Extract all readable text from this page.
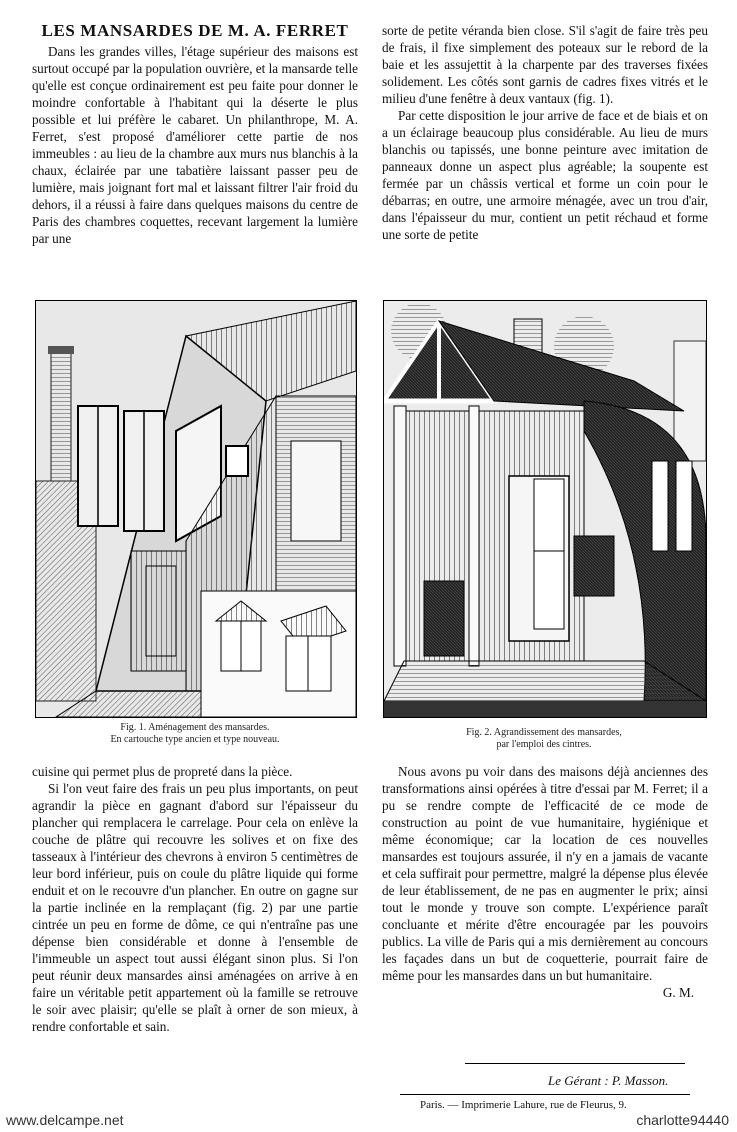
LES MANSARDES DE M. A. FERRET

Dans les grandes villes, l'étage supérieur des maisons est surtout occupé par la population ouvrière, et la mansarde telle qu'elle est conçue ordinairement est peu faite pour donner le moindre confortable à l'habitant qui la déserte le plus possible et lui préfère le cabaret. Un philanthrope, M. A. Ferret, s'est proposé d'améliorer cette partie de nos immeubles : au lieu de la chambre aux murs nus blanchis à la chaux, éclairée par une tabatière laissant passer peu de lumière, mais joignant fort mal et laissant filtrer l'air froid du dehors, il a réussi à faire dans quelques maisons du centre de Paris des chambres coquettes, recevant largement la lumière par une

sorte de petite véranda bien close. S'il s'agit de faire très peu de frais, il fixe simplement des poteaux sur le rebord de la baie et les assujettit à la charpente par des traverses fixées solidement. Les côtés sont garnis de cadres fixes vitrés et le milieu d'une fenêtre à deux vantaux (fig. 1).

Par cette disposition le jour arrive de face et de biais et on a un éclairage beaucoup plus considérable. Au lieu de murs blanchis ou tapissés, une bonne peinture avec imitation de panneaux donne un aspect plus agréable; la soupente est fermée par un châssis vertical et forme un coin pour le débarras; en outre, une armoire ménagée, avec un trou d'air, dans l'épaisseur du mur, contient un petit réchaud et forme une sorte de petite

Fig. 1. Aménagement des mansardes.
En cartouche type ancien et type nouveau.
Fig. 2. Agrandissement des mansardes,
par l'emploi des cintres.

cuisine qui permet plus de propreté dans la pièce.

Si l'on veut faire des frais un peu plus importants, on peut agrandir la pièce en gagnant d'abord sur l'épaisseur du plancher qui remplacera le carrelage. Pour cela on enlève la couche de plâtre qui recouvre les solives et on fixe des tasseaux à l'intérieur des chevrons à environ 5 centimètres de leur bord inférieur, puis on coule du plâtre liquide qui forme enduit et on le recouvre d'un plancher. En outre on gagne sur la partie inclinée en la remplaçant (fig. 2) par une partie cintrée un peu en forme de dôme, ce qui n'entraîne pas une dépense bien considérable et donne à l'ensemble de l'immeuble un aspect tout aussi élégant sinon plus. Si l'on peut réunir deux mansardes ainsi aménagées on arrive à en faire un véritable petit appartement où la famille se retrouve le soir avec plaisir; qu'elle se plaît à orner de son mieux, à rendre confortable et sain.

Nous avons pu voir dans des maisons déjà anciennes des transformations ainsi opérées à titre d'essai par M. Ferret; il a pu se rendre compte de l'efficacité de ce mode de construction au point de vue humanitaire, hygiénique et même économique; car la location de ces nouvelles mansardes est toujours assurée, il n'y en a jamais de vacante et cela suffirait pour permettre, malgré la dépense plus élevée de leur établissement, de ne pas en augmenter le prix; ainsi tout le monde y trouve son compte. L'expérience paraît concluante et mérite d'être encouragée par les pouvoirs publics. La ville de Paris qui a mis dernièrement au concours les façades dans un but de coquetterie, pourrait faire de même pour les mansardes dans un but humanitaire.
G. M.

Le Gérant : P. Masson.
Paris. — Imprimerie Lahure, rue de Fleurus, 9.
www.delcampe.net	charlotte94440
